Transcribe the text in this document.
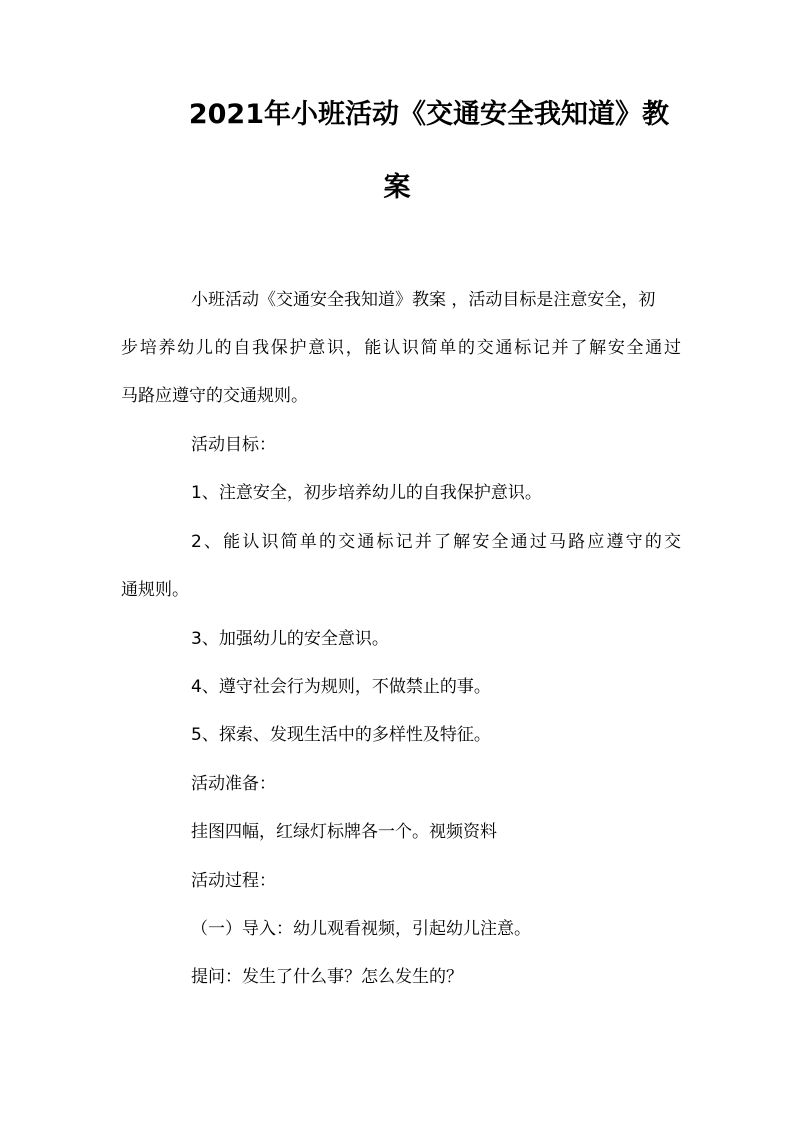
2021年小班活动《交通安全我知道》教
案

小班活动《交通安全我知道》教案 ，活动目标是注意安全，初

步培养幼儿的自我保护意识，能认识简单的交通标记并了解安全通过

马路应遵守的交通规则。

活动目标：

1、注意安全，初步培养幼儿的自我保护意识。

2、能认识简单的交通标记并了解安全通过马路应遵守的交

通规则。

3、加强幼儿的安全意识。

4、遵守社会行为规则，不做禁止的事。

5、探索、发现生活中的多样性及特征。

活动准备：

挂图四幅，红绿灯标牌各一个。视频资料

活动过程：

（一）导入：幼儿观看视频，引起幼儿注意。

提问：发生了什么事？怎么发生的？
